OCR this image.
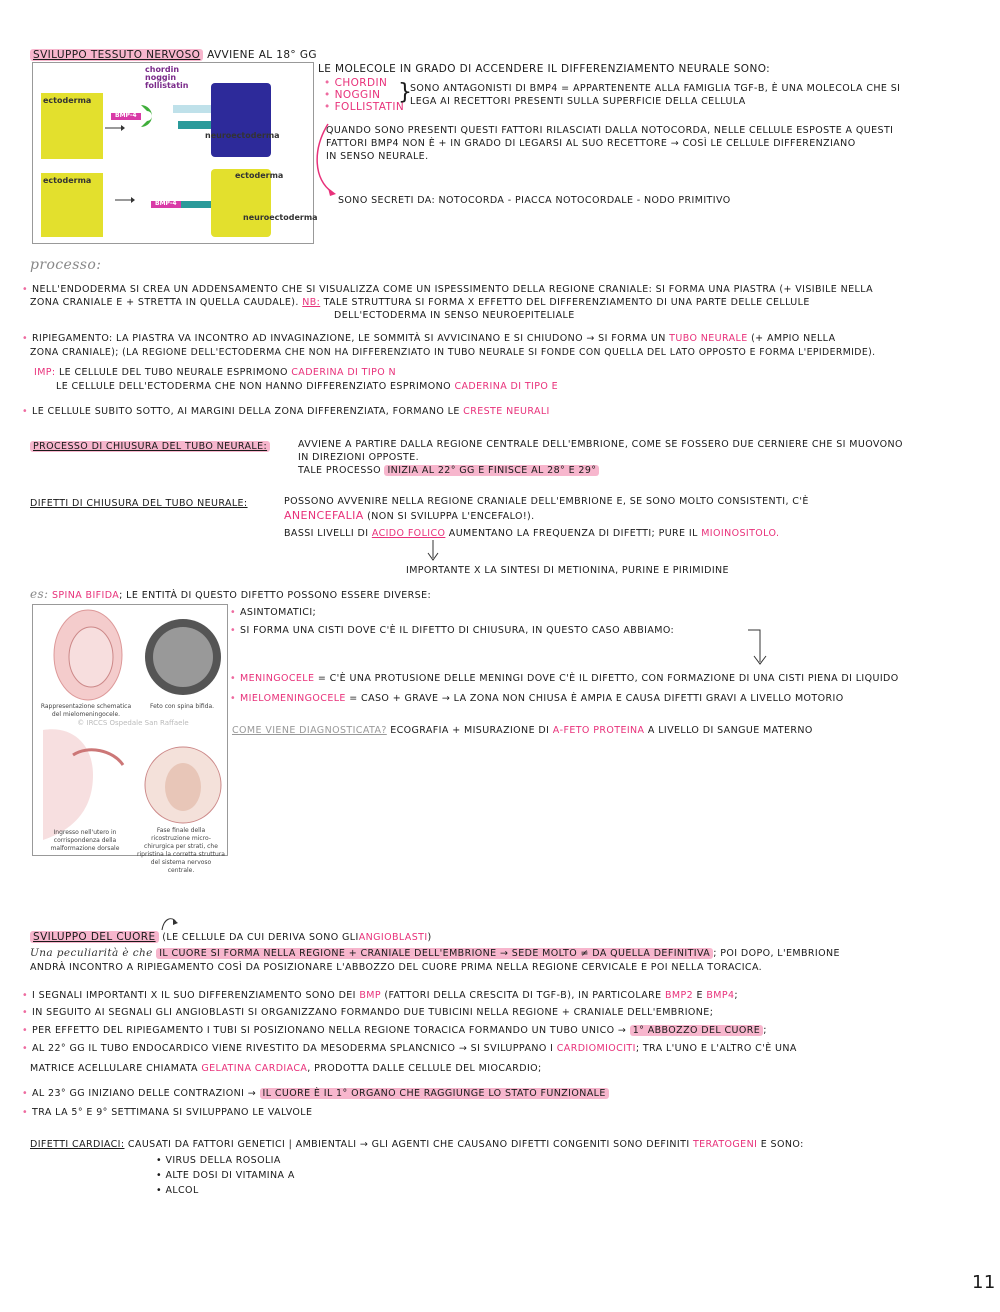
SVILUPPO TESSUTO NERVOSO AVVIENE AL 18° GG
ectoderma
chordin
noggin
follistatin
BMP-4
neuroectoderma
ectoderma
BMP-4
ectoderma
neuroectoderma
LE MOLECOLE IN GRADO DI ACCENDERE IL DIFFERENZIAMENTO NEURALE SONO:
• CHORDIN
• NOGGIN
• FOLLISTATIN
}
SONO ANTAGONISTI DI BMP4 = APPARTENENTE ALLA FAMIGLIA TGF-Β, È UNA MOLECOLA CHE SI
LEGA AI RECETTORI PRESENTI SULLA SUPERFICIE DELLA CELLULA
QUANDO SONO PRESENTI QUESTI FATTORI RILASCIATI DALLA NOTOCORDA, NELLE CELLULE ESPOSTE A QUESTI
FATTORI BMP4 NON È + IN GRADO DI LEGARSI AL SUO RECETTORE → COSÌ LE CELLULE DIFFERENZIANO
IN SENSO NEURALE.
SONO SECRETI DA: NOTOCORDA - PIACCA NOTOCORDALE - NODO PRIMITIVO
processo:
• NELL'ENDODERMA SI CREA UN ADDENSAMENTO CHE SI VISUALIZZA COME UN ISPESSIMENTO DELLA REGIONE CRANIALE: SI FORMA UNA PIASTRA (+ VISIBILE NELLA
ZONA CRANIALE E + STRETTA IN QUELLA CAUDALE). NB: TALE STRUTTURA SI FORMA X EFFETTO DEL DIFFERENZIAMENTO DI UNA PARTE DELLE CELLULE
DELL'ECTODERMA IN SENSO NEUROEPITELIALE
• RIPIEGAMENTO: LA PIASTRA VA INCONTRO AD INVAGINAZIONE, LE SOMMITÀ SI AVVICINANO E SI CHIUDONO → SI FORMA UN TUBO NEURALE (+ AMPIO NELLA
ZONA CRANIALE); (LA REGIONE DELL'ECTODERMA CHE NON HA DIFFERENZIATO IN TUBO NEURALE SI FONDE CON QUELLA DEL LATO OPPOSTO E FORMA L'EPIDERMIDE).
IMP: LE CELLULE DEL TUBO NEURALE ESPRIMONO CADERINA DI TIPO N
LE CELLULE DELL'ECTODERMA CHE NON HANNO DIFFERENZIATO ESPRIMONO CADERINA DI TIPO E
• LE CELLULE SUBITO SOTTO, AI MARGINI DELLA ZONA DIFFERENZIATA, FORMANO LE CRESTE NEURALI
PROCESSO DI CHIUSURA DEL TUBO NEURALE:	AVVIENE A PARTIRE DALLA REGIONE CENTRALE DELL'EMBRIONE, COME SE FOSSERO DUE CERNIERE CHE SI MUOVONO
IN DIREZIONI OPPOSTE.
TALE PROCESSO INIZIA AL 22° GG E FINISCE AL 28° E 29°
DIFETTI DI CHIUSURA DEL TUBO NEURALE:	POSSONO AVVENIRE NELLA REGIONE CRANIALE DELL'EMBRIONE E, SE SONO MOLTO CONSISTENTI, C'È
ANENCEFALIA (NON SI SVILUPPA L'ENCEFALO!).
BASSI LIVELLI DI ACIDO FOLICO AUMENTANO LA FREQUENZA DI DIFETTI; PURE IL MIOINOSITOLO.
IMPORTANTE X LA SINTESI DI METIONINA, PURINE E PIRIMIDINE
es: SPINA BIFIDA; LE ENTITÀ DI QUESTO DIFETTO POSSONO ESSERE DIVERSE:
Rappresentazione schematica del mielomeningocele.
Feto con spina bifida.
© IRCCS Ospedale San Raffaele
Ingresso nell'utero in corrispondenza della malformazione dorsale
Fase finale della ricostruzione micro-chirurgica per strati, che ripristina la corretta struttura del sistema nervoso centrale.
• ASINTOMATICI;
• SI FORMA UNA CISTI DOVE C'È IL DIFETTO DI CHIUSURA, IN QUESTO CASO ABBIAMO:
• MENINGOCELE = C'È UNA PROTUSIONE DELLE MENINGI DOVE C'È IL DIFETTO, CON FORMAZIONE DI UNA CISTI PIENA DI LIQUIDO
• MIELOMENINGOCELE = CASO + GRAVE → LA ZONA NON CHIUSA È AMPIA E CAUSA DIFETTI GRAVI A LIVELLO MOTORIO
COME VIENE DIAGNOSTICATA? ECOGRAFIA + MISURAZIONE DI Α-FETO PROTEINA A LIVELLO DI SANGUE MATERNO
SVILUPPO DEL CUORE (LE CELLULE DA CUI DERIVA SONO GLIANGIOBLASTI)
Una peculiarità è che IL CUORE SI FORMA NELLA REGIONE + CRANIALE DELL'EMBRIONE → SEDE MOLTO ≠ DA QUELLA DEFINITIVA ; POI DOPO, L'EMBRIONE
ANDRÀ INCONTRO A RIPIEGAMENTO COSÌ DA POSIZIONARE L'ABBOZZO DEL CUORE PRIMA NELLA REGIONE CERVICALE E POI NELLA TORACICA.
• I SEGNALI IMPORTANTI X IL SUO DIFFERENZIAMENTO SONO DEI BMP (FATTORI DELLA CRESCITA DI TGF-Β), IN PARTICOLARE BMP2 E BMP4;
• IN SEGUITO AI SEGNALI GLI ANGIOBLASTI SI ORGANIZZANO FORMANDO DUE TUBICINI NELLA REGIONE + CRANIALE DELL'EMBRIONE;
• PER EFFETTO DEL RIPIEGAMENTO I TUBI SI POSIZIONANO NELLA REGIONE TORACICA FORMANDO UN TUBO UNICO → 1° ABBOZZO DEL CUORE ;
• AL 22° GG IL TUBO ENDOCARDICO VIENE RIVESTITO DA MESODERMA SPLANCNICO → SI SVILUPPANO I CARDIOMIOCITI; TRA L'UNO E L'ALTRO C'È UNA
MATRICE ACELLULARE CHIAMATA GELATINA CARDIACA, PRODOTTA DALLE CELLULE DEL MIOCARDIO;
• AL 23° GG INIZIANO DELLE CONTRAZIONI → IL CUORE È IL 1° ORGANO CHE RAGGIUNGE LO STATO FUNZIONALE
• TRA LA 5° E 9° SETTIMANA SI SVILUPPANO LE VALVOLE
DIFETTI CARDIACI: CAUSATI DA FATTORI GENETICI | AMBIENTALI → GLI AGENTI CHE CAUSANO DIFETTI CONGENITI SONO DEFINITI TERATOGENI E SONO:
• VIRUS DELLA ROSOLIA
• ALTE DOSI DI VITAMINA A
• ALCOL
11
